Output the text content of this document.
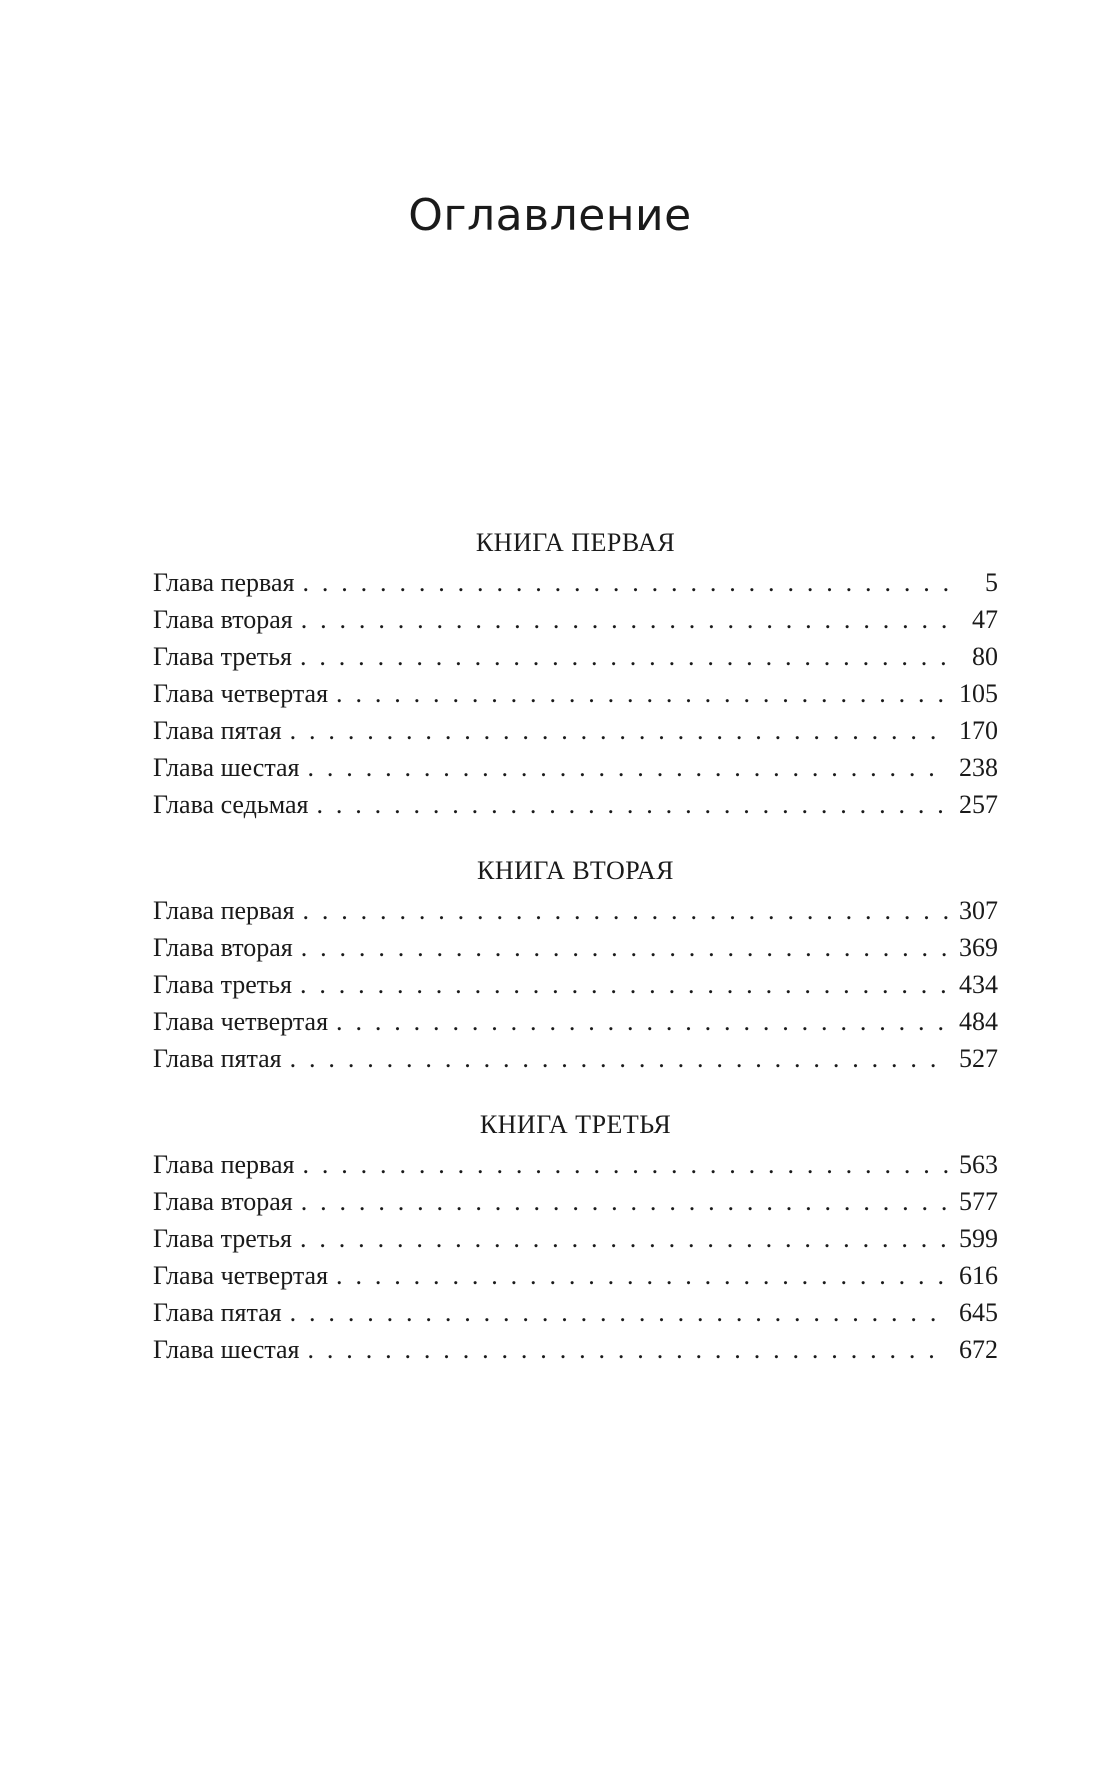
Оглавление
КНИГА ПЕРВАЯ
Глава первая . . .	5
Глава вторая . . .	47
Глава третья . . .	80
Глава четвертая . . .	105
Глава пятая . . .	170
Глава шестая . . .	238
Глава седьмая . . .	257
КНИГА ВТОРАЯ
Глава первая . . .	307
Глава вторая . . .	369
Глава третья . . .	434
Глава четвертая . . .	484
Глава пятая . . .	527
КНИГА ТРЕТЬЯ
Глава первая . . .	563
Глава вторая . . .	577
Глава третья . . .	599
Глава четвертая . . .	616
Глава пятая . . .	645
Глава шестая . . .	672
